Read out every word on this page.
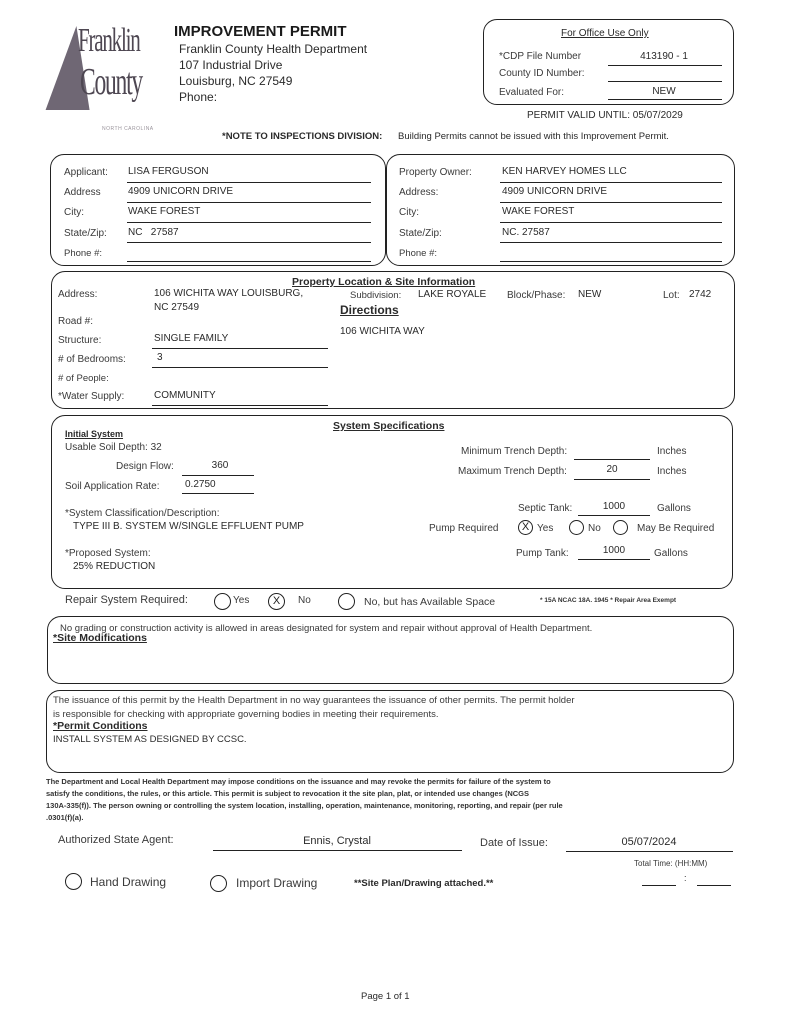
Franklin
County
NORTH CAROLINA
IMPROVEMENT PERMIT
Franklin County Health Department
107 Industrial Drive
Louisburg, NC 27549
Phone:
*NOTE TO INSPECTIONS DIVISION: Building Permits cannot be issued with this Improvement Permit.
For Office Use Only
*CDP File Number	413190 - 1
County ID Number:
Evaluated For:	NEW
PERMIT VALID UNTIL: 05/07/2029
Applicant: LISA FERGUSON
Address	4909 UNICORN DRIVE
City:	WAKE FOREST
State/Zip: NC   27587
Phone #:
Property Owner:	KEN HARVEY HOMES LLC
Address:	4909 UNICORN DRIVE
City:	WAKE FOREST
State/Zip:	NC. 27587
Phone #:
Property Location & Site Information
Address:	106 WICHITA WAY LOUISBURG,
NC 27549
Subdivision: LAKE ROYALE Block/Phase: NEW	Lot: 2742
Directions
106 WICHITA WAY
Road #:
Structure:	SINGLE FAMILY
# of Bedrooms:	3
# of People:
*Water Supply:	COMMUNITY
System Specifications
Initial System
Usable Soil Depth: 32
Design Flow:	360
Soil Application Rate:	0.2750
*System Classification/Description:
TYPE III B. SYSTEM W/SINGLE EFFLUENT PUMP
*Proposed System:
25% REDUCTION
Minimum Trench Depth:	Inches
Maximum Trench Depth:	20	Inches
Septic Tank:	1000	Gallons
Pump Required	X Yes	No	May Be Required
Pump Tank:	1000	Gallons
Repair System Required:	Yes	X	No	No, but has Available Space	* 15A NCAC 18A. 1945 * Repair Area Exempt
No grading or construction activity is allowed in areas designated for system and repair without approval of Health Department.
*Site Modifications
The issuance of this permit by the Health Department in no way guarantees the issuance of other permits. The permit holder
is responsible for checking with appropriate governing bodies in meeting their requirements.
*Permit Conditions
INSTALL SYSTEM AS DESIGNED BY CCSC.
The Department and Local Health Department may impose conditions on the issuance and may revoke the permits for failure of the system to
satisfy the conditions, the rules, or this article. This permit is subject to revocation it the site plan, plat, or intended use changes (NCGS
130A-335(f)). The person owning or controlling the system location, installing, operation, maintenance, monitoring, reporting, and repair (per rule
.0301(f)(a).
Authorized State Agent:	Ennis, Crystal	Date of Issue:	05/07/2024
Total Time: (HH:MM)
:
Hand Drawing	Import Drawing	**Site Plan/Drawing attached.**
Page 1 of 1
